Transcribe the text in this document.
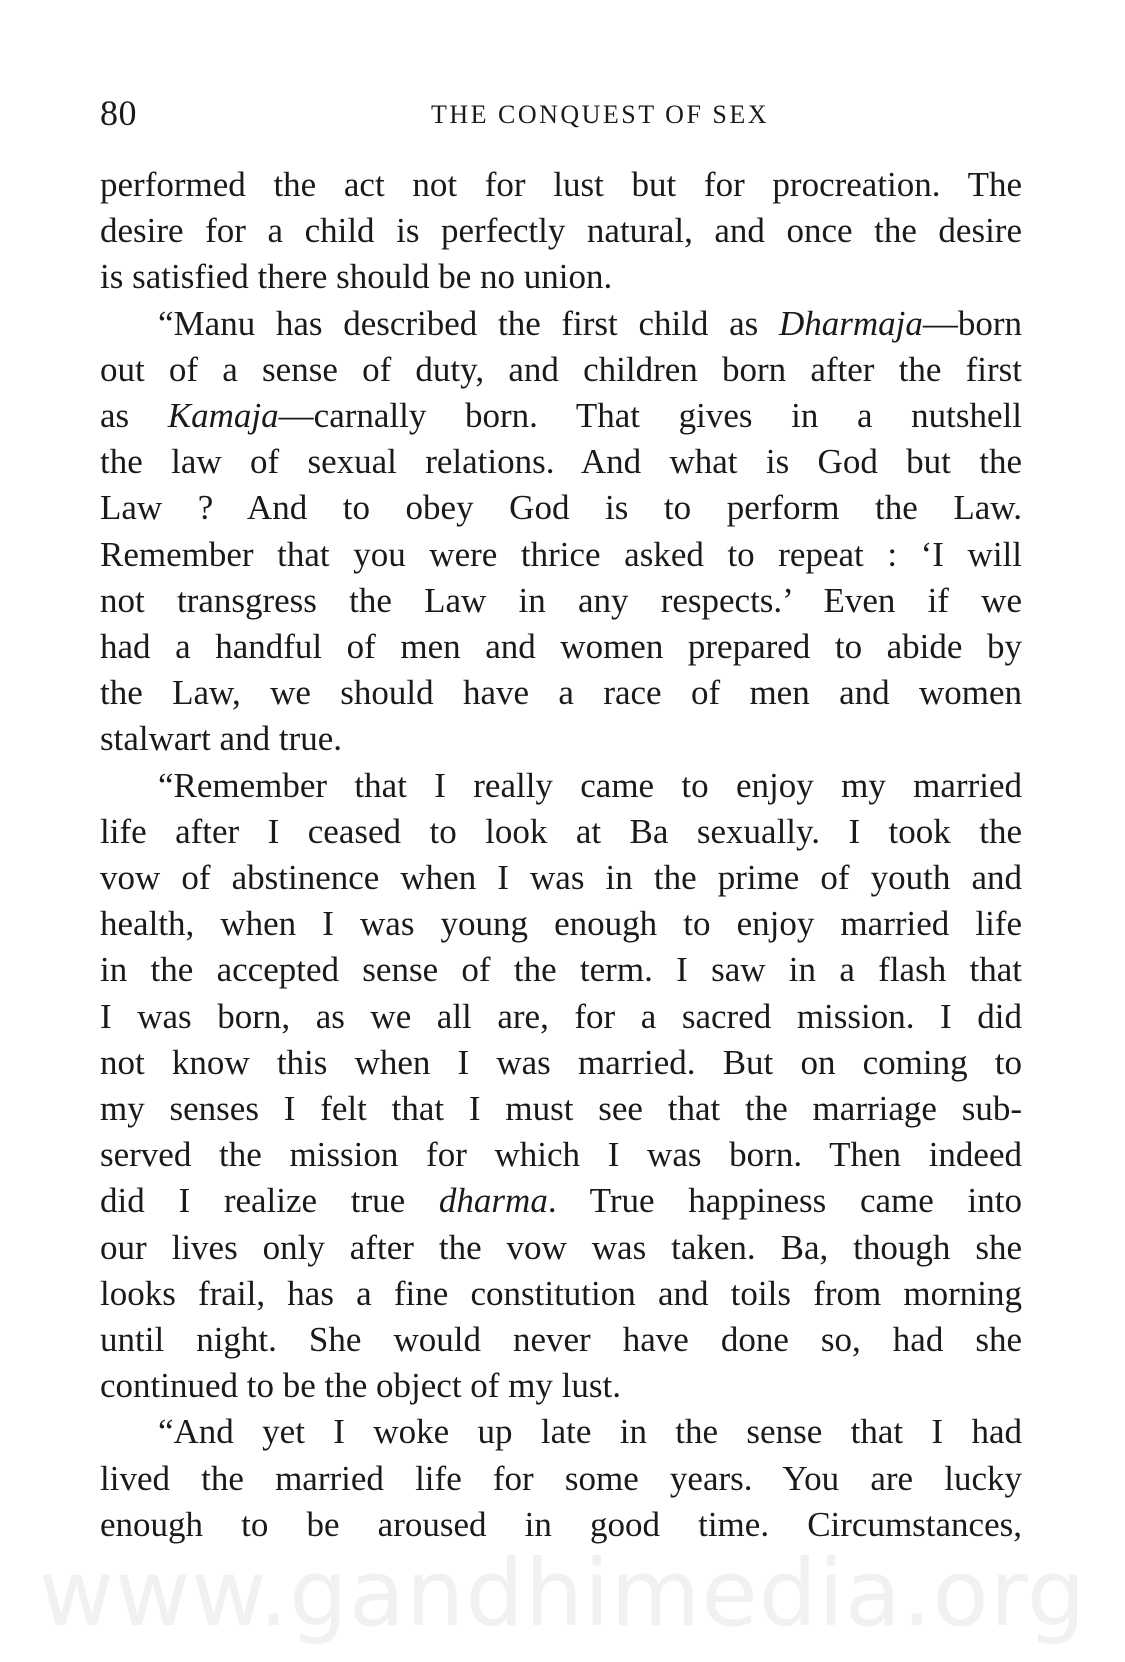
80	THE CONQUEST OF SEX
performed the act not for lust but for procreation. The
desire for a child is perfectly natural, and once the desire
is satisfied there should be no union.
“Manu has described the first child as Dharmaja—born
out of a sense of duty, and children born after the first
as Kamaja—carnally born. That gives in a nutshell
the law of sexual relations. And what is God but the
Law ? And to obey God is to perform the Law.
Remember that you were thrice asked to repeat : ‘I will
not transgress the Law in any respects.’ Even if we
had a handful of men and women prepared to abide by
the Law, we should have a race of men and women
stalwart and true.
“Remember that I really came to enjoy my married
life after I ceased to look at Ba sexually. I took the
vow of abstinence when I was in the prime of youth and
health, when I was young enough to enjoy married life
in the accepted sense of the term. I saw in a flash that
I was born, as we all are, for a sacred mission. I did
not know this when I was married. But on coming to
my senses I felt that I must see that the marriage sub-
served the mission for which I was born. Then indeed
did I realize true dharma. True happiness came into
our lives only after the vow was taken. Ba, though she
looks frail, has a fine constitution and toils from morning
until night. She would never have done so, had she
continued to be the object of my lust.
“And yet I woke up late in the sense that I had
lived the married life for some years. You are lucky
enough to be aroused in good time. Circumstances,
www.gandhimedia.org
